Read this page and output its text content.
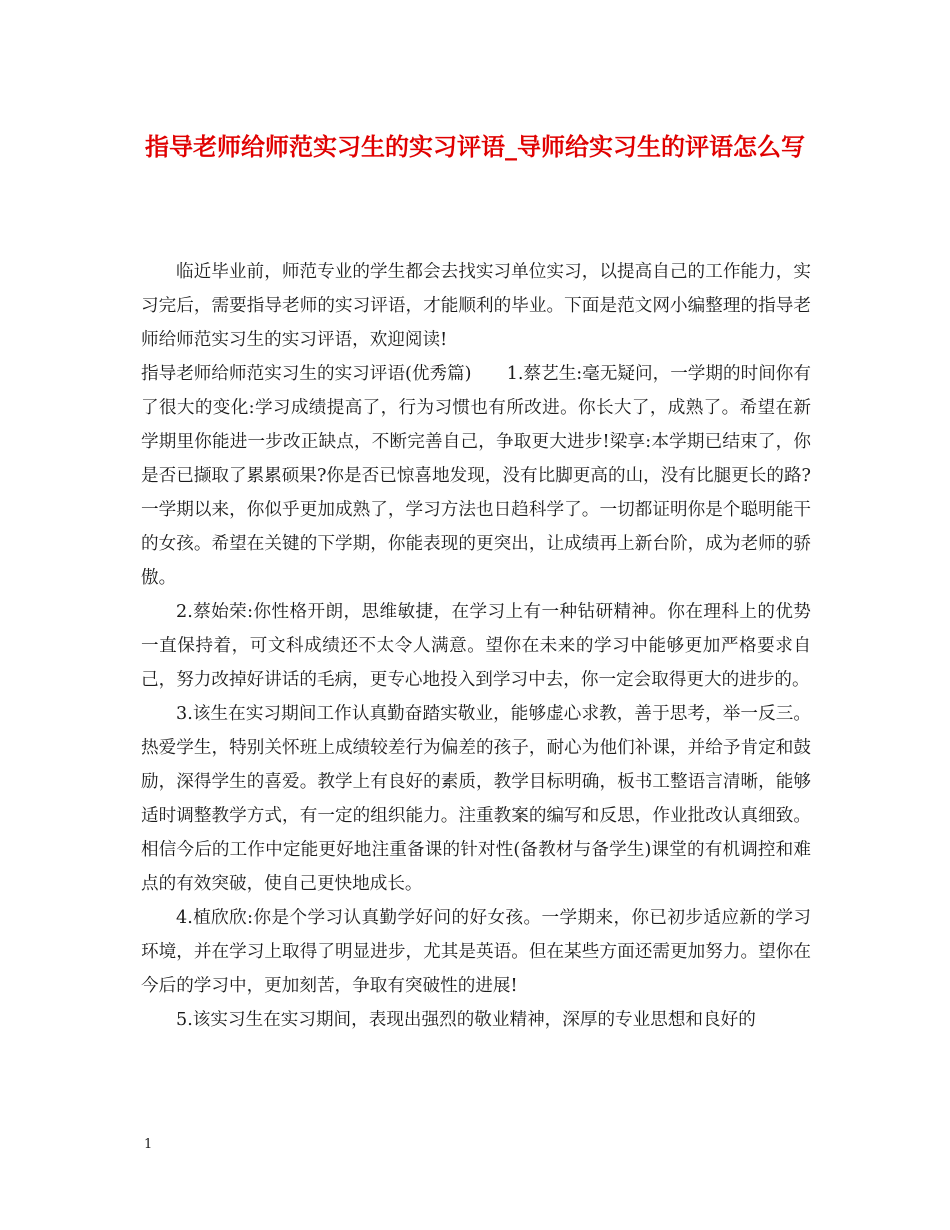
指导老师给师范实习生的实习评语_导师给实习生的评语怎么写

临近毕业前，师范专业的学生都会去找实习单位实习，以提高自己的工作能力，实习完后，需要指导老师的实习评语，才能顺利的毕业。下面是范文网小编整理的指导老师给师范实习生的实习评语，欢迎阅读!

指导老师给师范实习生的实习评语(优秀篇)　　1.蔡艺生:毫无疑问，一学期的时间你有了很大的变化:学习成绩提高了，行为习惯也有所改进。你长大了，成熟了。希望在新学期里你能进一步改正缺点，不断完善自己，争取更大进步!梁享:本学期已结束了，你是否已撷取了累累硕果?你是否已惊喜地发现，没有比脚更高的山，没有比腿更长的路?一学期以来，你似乎更加成熟了，学习方法也日趋科学了。一切都证明你是个聪明能干的女孩。希望在关键的下学期，你能表现的更突出，让成绩再上新台阶，成为老师的骄傲。

2.蔡始荣:你性格开朗，思维敏捷，在学习上有一种钻研精神。你在理科上的优势一直保持着，可文科成绩还不太令人满意。望你在未来的学习中能够更加严格要求自己，努力改掉好讲话的毛病，更专心地投入到学习中去，你一定会取得更大的进步的。

3.该生在实习期间工作认真勤奋踏实敬业，能够虚心求教，善于思考，举一反三。热爱学生，特别关怀班上成绩较差行为偏差的孩子，耐心为他们补课，并给予肯定和鼓励，深得学生的喜爱。教学上有良好的素质，教学目标明确，板书工整语言清晰，能够适时调整教学方式，有一定的组织能力。注重教案的编写和反思，作业批改认真细致。相信今后的工作中定能更好地注重备课的针对性(备教材与备学生)课堂的有机调控和难点的有效突破，使自己更快地成长。

4.植欣欣:你是个学习认真勤学好问的好女孩。一学期来，你已初步适应新的学习环境，并在学习上取得了明显进步，尤其是英语。但在某些方面还需更加努力。望你在今后的学习中，更加刻苦，争取有突破性的进展!

5.该实习生在实习期间，表现出强烈的敬业精神，深厚的专业思想和良好的

1
